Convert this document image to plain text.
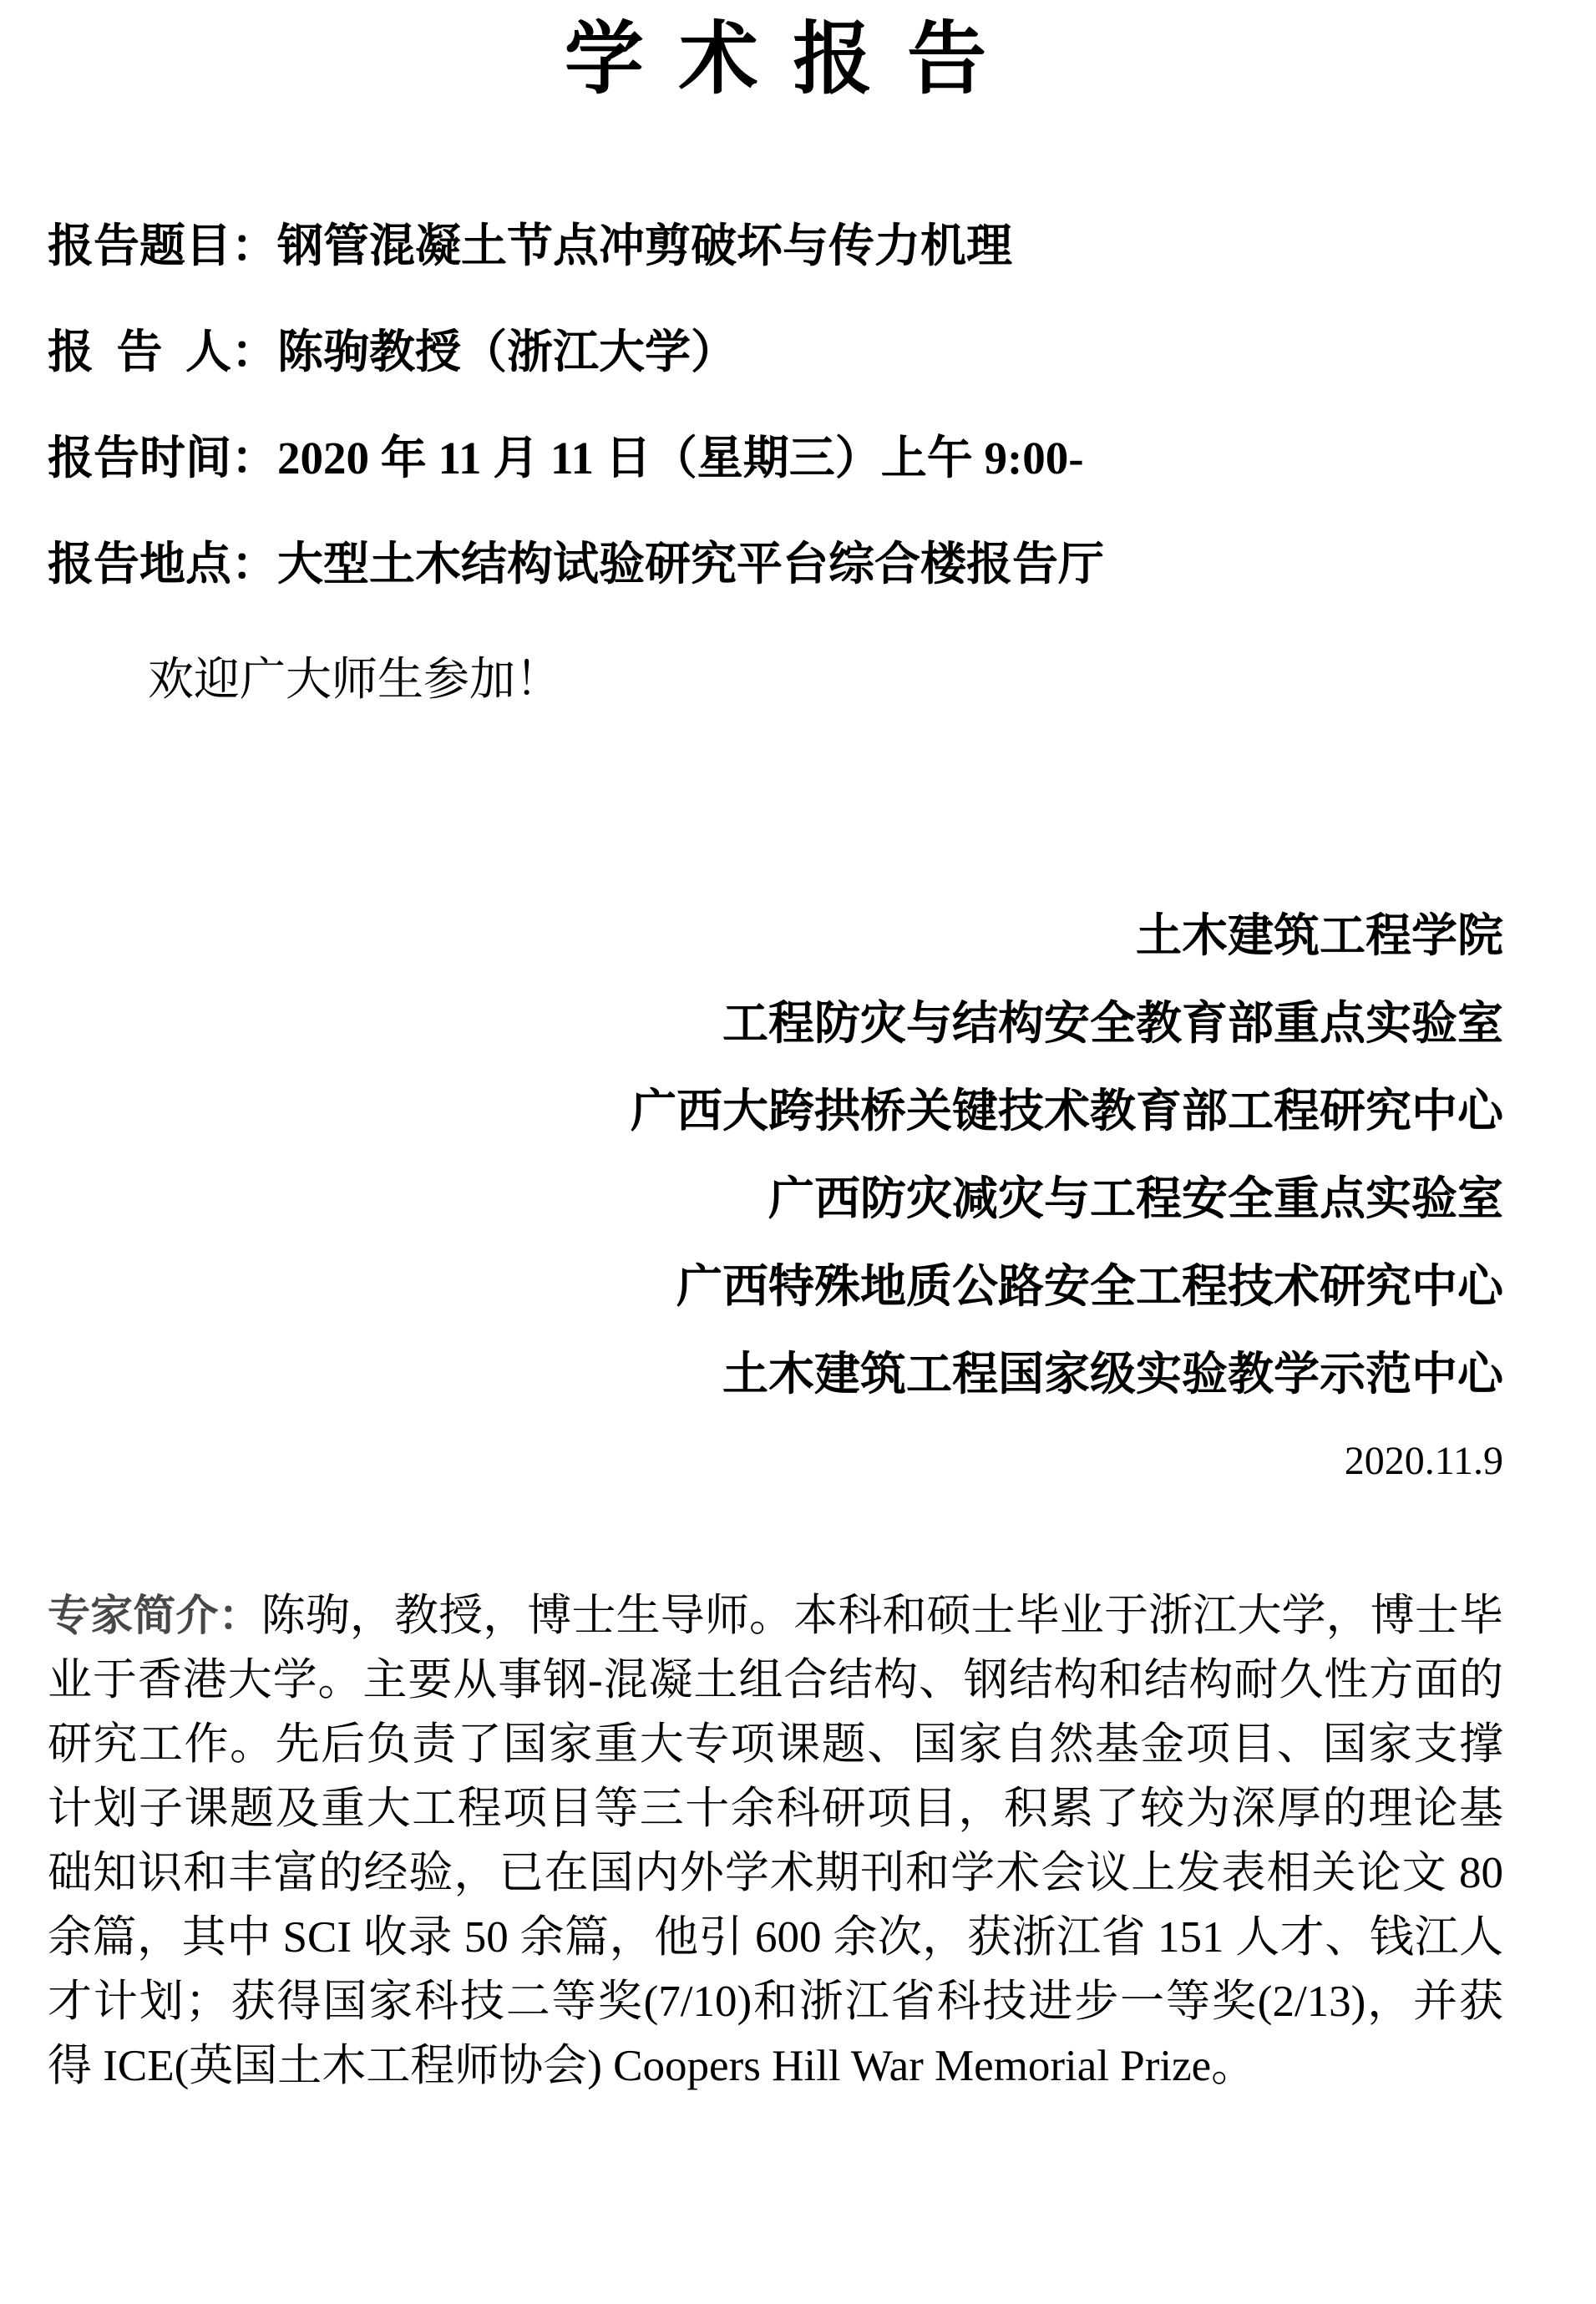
学 术 报 告

报告题目：钢管混凝土节点冲剪破坏与传力机理

报  告  人：陈驹教授（浙江大学）

报告时间：2020 年 11 月 11 日（星期三）上午 9:00-

报告地点：大型土木结构试验研究平台综合楼报告厅

欢迎广大师生参加！

土木建筑工程学院

工程防灾与结构安全教育部重点实验室

广西大跨拱桥关键技术教育部工程研究中心

广西防灾减灾与工程安全重点实验室

广西特殊地质公路安全工程技术研究中心

土木建筑工程国家级实验教学示范中心

2020.11.9

专家简介：陈驹，教授，博士生导师。本科和硕士毕业于浙江大学，博士毕业于香港大学。主要从事钢-混凝土组合结构、钢结构和结构耐久性方面的研究工作。先后负责了国家重大专项课题、国家自然基金项目、国家支撑计划子课题及重大工程项目等三十余科研项目，积累了较为深厚的理论基础知识和丰富的经验，已在国内外学术期刊和学术会议上发表相关论文 80 余篇，其中 SCI 收录 50 余篇，他引 600 余次，获浙江省 151 人才、钱江人才计划；获得国家科技二等奖(7/10)和浙江省科技进步一等奖(2/13)，并获得 ICE(英国土木工程师协会) Coopers Hill War Memorial Prize。
